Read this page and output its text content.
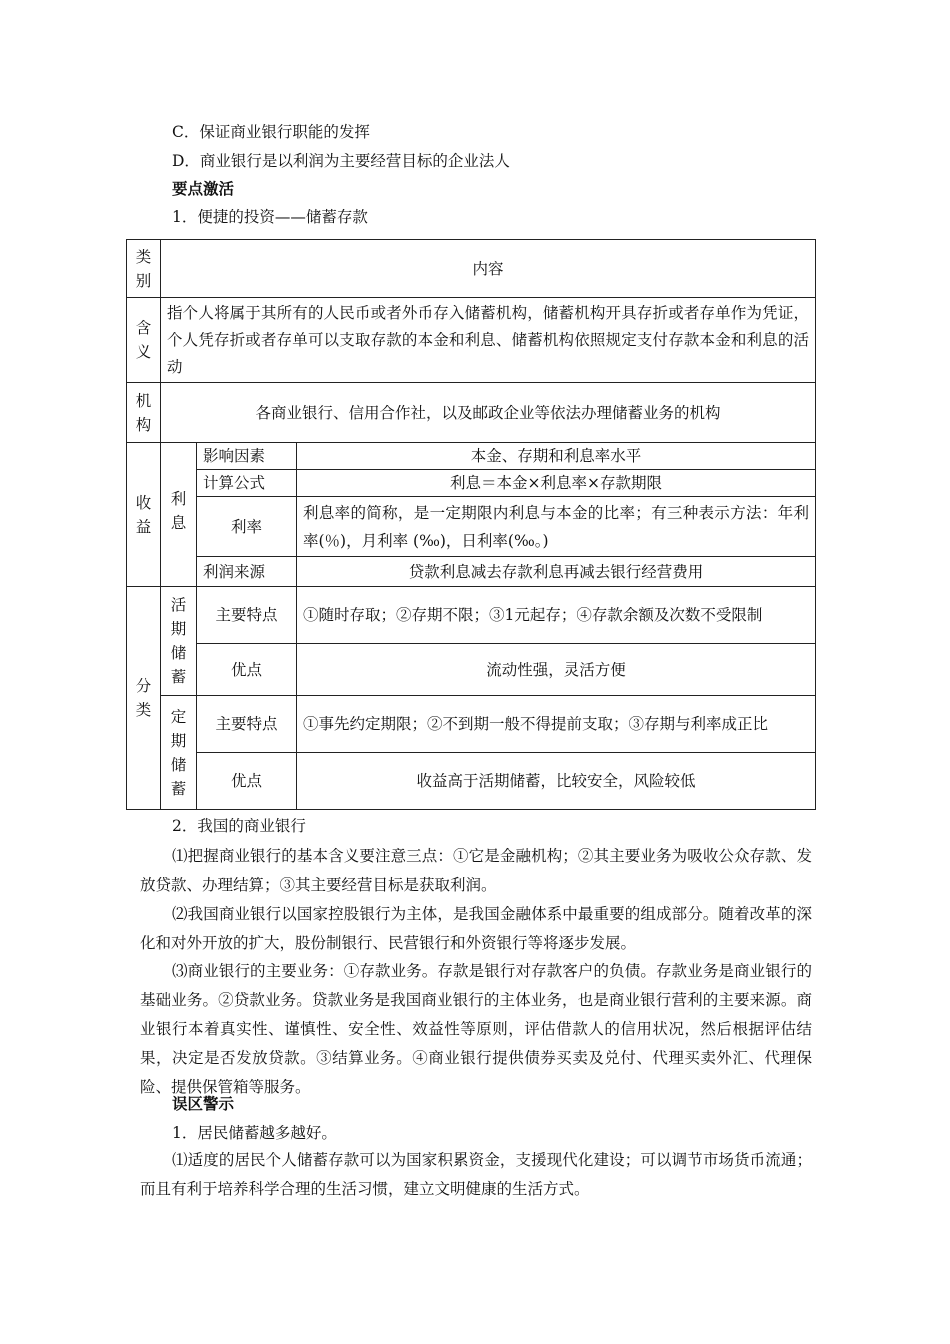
C．保证商业银行职能的发挥
D．商业银行是以利润为主要经营目标的企业法人
要点激活
1．便捷的投资——储蓄存款
类别	内容		
含义	指个人将属于其所有的人民币或者外币存入储蓄机构，储蓄机构开具存折或者存单作为凭证，个人凭存折或者存单可以支取存款的本金和利息、储蓄机构依照规定支付存款本金和利息的活动		
机构	各商业银行、信用合作社，以及邮政企业等依法办理储蓄业务的机构		
收益	利息	影响因素	本金、存期和利息率水平
		计算公式	利息＝本金×利息率×存款期限
		利率	利息率的简称，是一定期限内利息与本金的比率；有三种表示方法：年利率(％)，月利率 (‰)，日利率(‰。)
		利润来源	贷款利息减去存款利息再减去银行经营费用
分类	活期储蓄	主要特点	①随时存取；②存期不限；③1元起存；④存款余额及次数不受限制
		优点	流动性强，灵活方便
	定期储蓄	主要特点	①事先约定期限；②不到期一般不得提前支取；③存期与利率成正比
		优点	收益高于活期储蓄，比较安全，风险较低
2．我国的商业银行
⑴把握商业银行的基本含义要注意三点：①它是金融机构；②其主要业务为吸收公众存款、发放贷款、办理结算；③其主要经营目标是获取利润。
⑵我国商业银行以国家控股银行为主体，是我国金融体系中最重要的组成部分。随着改革的深化和对外开放的扩大，股份制银行、民营银行和外资银行等将逐步发展。
⑶商业银行的主要业务：①存款业务。存款是银行对存款客户的负债。存款业务是商业银行的基础业务。②贷款业务。贷款业务是我国商业银行的主体业务，也是商业银行营利的主要来源。商业银行本着真实性、谨慎性、安全性、效益性等原则，评估借款人的信用状况，然后根据评估结果，决定是否发放贷款。③结算业务。④商业银行提供债券买卖及兑付、代理买卖外汇、代理保险、提供保管箱等服务。
误区警示
1．居民储蓄越多越好。
⑴适度的居民个人储蓄存款可以为国家积累资金，支援现代化建设；可以调节市场货币流通；而且有利于培养科学合理的生活习惯，建立文明健康的生活方式。
